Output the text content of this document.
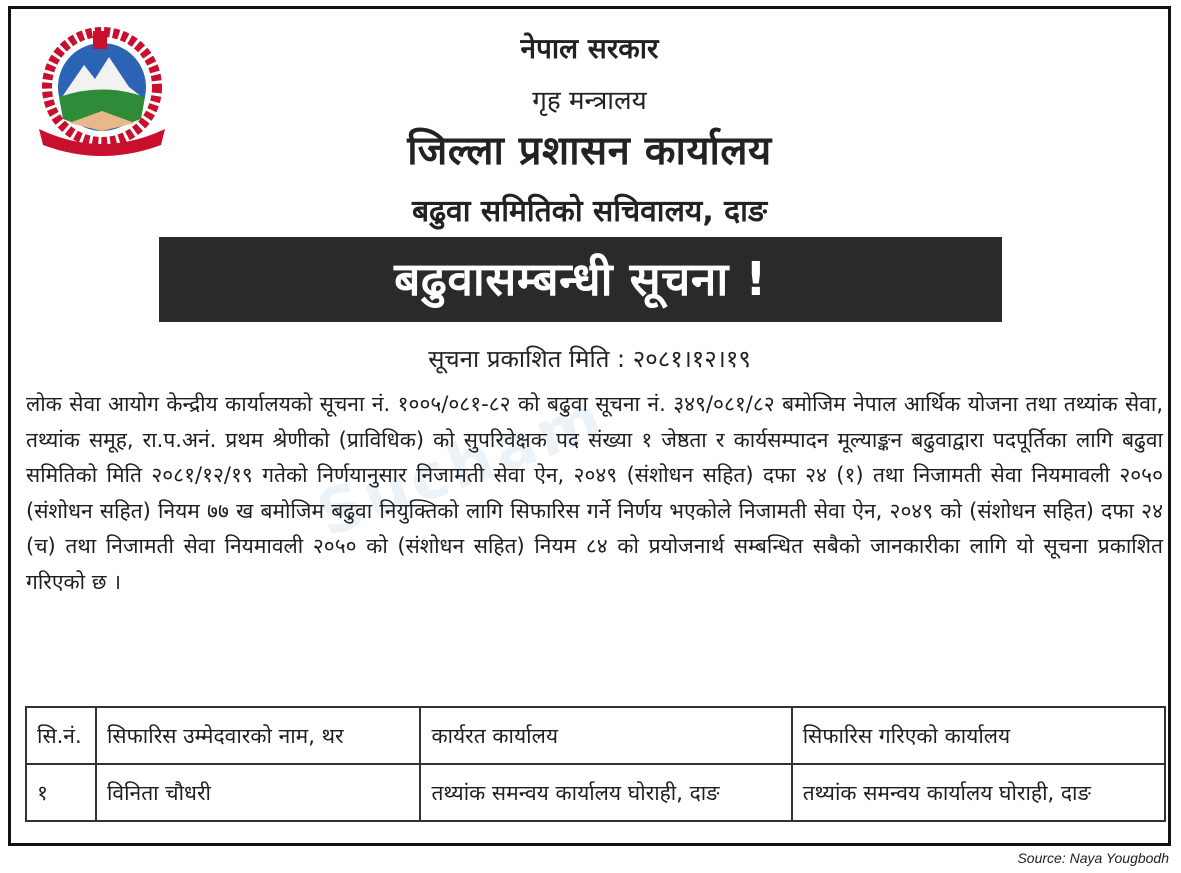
नेपाल सरकार
गृह मन्त्रालय
जिल्ला प्रशासन कार्यालय
बढुवा समितिको सचिवालय, दाङ
बढुवासम्बन्धी सूचना !
सूचना प्रकाशित मिति : २०८१।१२।१९
Sucham
लोक सेवा आयोग केन्द्रीय कार्यालयको सूचना नं. १००५/०८१-८२ को बढुवा सूचना नं. ३४९/०८१/८२ बमोजिम नेपाल आर्थिक योजना तथा तथ्यांक सेवा, तथ्यांक समूह, रा.प.अनं. प्रथम श्रेणीको (प्राविधिक) को सुपरिवेक्षक पद संख्या १ जेष्ठता र कार्यसम्पादन मूल्याङ्कन बढुवाद्वारा पदपूर्तिका लागि बढुवा समितिको मिति २०८१/१२/१९ गतेको निर्णयानुसार निजामती सेवा ऐन, २०४९ (संशोधन सहित) दफा २४ (१) तथा निजामती सेवा नियमावली २०५० (संशोधन सहित) नियम ७७ ख बमोजिम बढुवा नियुक्तिको लागि सिफारिस गर्ने निर्णय भएकोले निजामती सेवा ऐन, २०४९ को (संशोधन सहित) दफा २४ (च) तथा निजामती सेवा नियमावली २०५० को (संशोधन सहित) नियम ८४ को प्रयोजनार्थ सम्बन्धित सबैको जानकारीका लागि यो सूचना प्रकाशित गरिएको छ ।
सि.नं.	सिफारिस उम्मेदवारको नाम, थर	कार्यरत कार्यालय	सिफारिस गरिएको कार्यालय
१	विनिता चौधरी	तथ्यांक समन्वय कार्यालय घोराही, दाङ	तथ्यांक समन्वय कार्यालय घोराही, दाङ
Source: Naya Yougbodh
